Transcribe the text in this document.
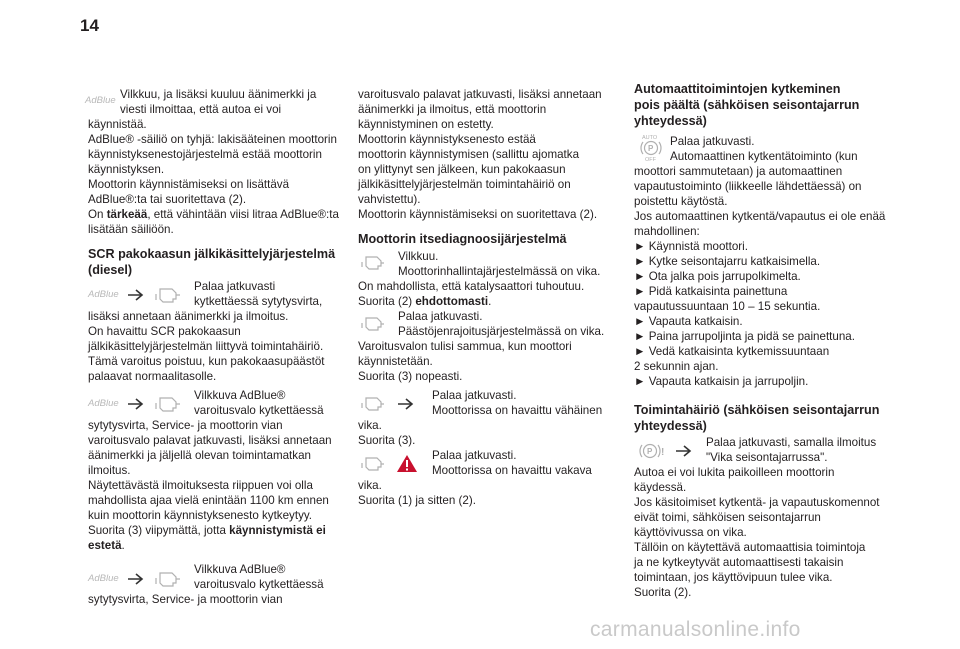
14
AdBlue Vilkkuu, ja lisäksi kuuluu äänimerkki ja
viesti ilmoittaa, että autoa ei voi
käynnistää.
AdBlue® -säiliö on tyhjä: lakisääteinen moottorin
käynnistyksenestojärjestelmä estää moottorin
käynnistyksen.
Moottorin käynnistämiseksi on lisättävä
AdBlue®:ta tai suoritettava (2).
On tärkeää, että vähintään viisi litraa AdBlue®:ta
lisätään säiliöön.
SCR pakokaasun jälkikäsittelyjärjestelmä
(diesel)
AdBlue
Palaa jatkuvasti
kytkettäessä sytytysvirta,
lisäksi annetaan äänimerkki ja ilmoitus.
On havaittu SCR pakokaasun
jälkikäsittelyjärjestelmän liittyvä toimintahäiriö.
Tämä varoitus poistuu, kun pakokaasupäästöt
palaavat normaalitasolle.
AdBlue
Vilkkuva AdBlue®
varoitusvalo kytkettäessä
sytytysvirta, Service- ja moottorin vian
varoitusvalo palavat jatkuvasti, lisäksi annetaan
äänimerkki ja jäljellä olevan toimintamatkan
ilmoitus.
Näytettävästä ilmoituksesta riippuen voi olla
mahdollista ajaa vielä enintään 1100 km ennen
kuin moottorin käynnistyksenesto kytkeytyy.
Suorita (3) viipymättä, jotta käynnistymistä ei
estetä.
AdBlue
Vilkkuva AdBlue®
varoitusvalo kytkettäessä
sytytysvirta, Service- ja moottorin vian
varoitusvalo palavat jatkuvasti, lisäksi annetaan
äänimerkki ja ilmoitus, että moottorin
käynnistyminen on estetty.
Moottorin käynnistyksenesto estää
moottorin käynnistymisen (sallittu ajomatka
on ylittynyt sen jälkeen, kun pakokaasun
jälkikäsittelyjärjestelmän toimintahäiriö on
vahvistettu).
Moottorin käynnistämiseksi on suoritettava (2).
Moottorin itsediagnoosijärjestelmä
Vilkkuu.
Moottorinhallintajärjestelmässä on vika.
On mahdollista, että katalysaattori tuhoutuu.
Suorita (2) ehdottomasti.
Palaa jatkuvasti.
Päästöjenrajoitusjärjestelmässä on vika.
Varoitusvalon tulisi sammua, kun moottori
käynnistetään.
Suorita (3) nopeasti.
Palaa jatkuvasti.
Moottorissa on havaittu vähäinen
vika.
Suorita (3).
Palaa jatkuvasti.
Moottorissa on havaittu vakava
vika.
Suorita (1) ja sitten (2).
Automaattitoimintojen kytkeminen
pois päältä (sähköisen seisontajarrun
yhteydessä)
AUTO
P
OFF
Palaa jatkuvasti.
Automaattinen kytkentätoiminto (kun
moottori sammutetaan) ja automaattinen
vapautustoiminto (liikkeelle lähdettäessä) on
poistettu käytöstä.
Jos automaattinen kytkentä/vapautus ei ole enää
mahdollinen:
► Käynnistä moottori.
► Kytke seisontajarru katkaisimella.
► Ota jalka pois jarrupolkimelta.
► Pidä katkaisinta painettuna
vapautussuuntaan 10 – 15 sekuntia.
► Vapauta katkaisin.
► Paina jarrupoljinta ja pidä se painettuna.
► Vedä katkaisinta kytkemissuuntaan
2 sekunnin ajan.
► Vapauta katkaisin ja jarrupoljin.
Toimintahäiriö (sähköisen seisontajarrun
yhteydessä)
P !
Palaa jatkuvasti, samalla ilmoitus
"Vika seisontajarrussa".
Autoa ei voi lukita paikoilleen moottorin
käydessä.
Jos käsitoimiset kytkentä- ja vapautuskomennot
eivät toimi, sähköisen seisontajarrun
käyttövivussa on vika.
Tällöin on käytettävä automaattisia toimintoja
ja ne kytkeytyvät automaattisesti takaisin
toimintaan, jos käyttövipuun tulee vika.
Suorita (2).
carmanualsonline.info
